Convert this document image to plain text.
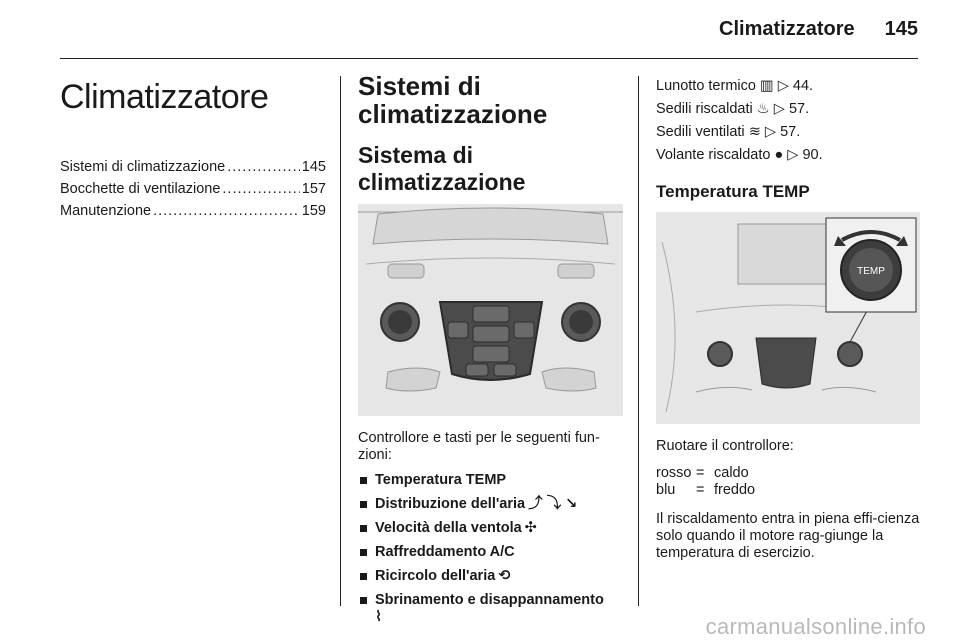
Climatizzatore 145
Climatizzatore
Sistemi di climatizzazione .....	145
Bocchette di ventilazione .....	157
Manutenzione .....	159
Sistemi di
climatizzazione
Sistema di climatizzazione

Controllore e tasti per le seguenti fun-zioni:

Temperatura TEMP
Distribuzione dell'aria ⤴ ⤵ ↘
Velocità della ventola ✣
Raffreddamento A/C
Ricircolo dell'aria ⟲
Sbrinamento e disappannamento
⌇

Lunotto termico ▥ ▷ 44.

Sedili riscaldati ♨ ▷ 57.

Sedili ventilati ≋ ▷ 57.

Volante riscaldato ● ▷ 90.

Temperatura TEMP
TEMP

Ruotare il controllore:

rosso = caldo
blu	= freddo

Il riscaldamento entra in piena effi-cienza solo quando il motore rag-giunge la temperatura di esercizio.

carmanualsonline.info
